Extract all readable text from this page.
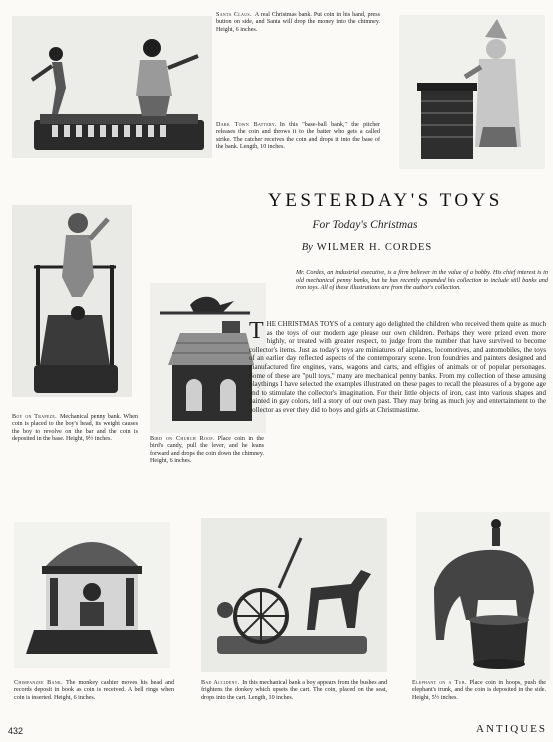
Santa Claus. A real Christmas bank. Put coin in his hand, press button on side, and Santa will drop the money into the chimney. Height, 6 inches.
Dark Town Battery. In this "base-ball bank," the pitcher releases the coin and throws it to the batter who gets a called strike. The catcher receives the coin and drops it into the base of the bank. Length, 10 inches.
Boy on Trapeze. Mechanical penny bank. When coin is placed to the boy's head, its weight causes the boy to revolve on the bar and the coin is deposited in the base. Height, 9½ inches.	Bird on Church Roof. Place coin in the bird's candy, pull the lever, and he leans forward and drops the coin down the chimney. Height, 6 inches.
Chimpanzee Bank. The monkey cashier moves his head and records deposit in book as coin is received. A bell rings when coin is inserted. Height, 6 inches.
Bad Accident. In this mechanical bank a boy appears from the bushes and frightens the donkey which upsets the cart. The coin, placed on the seat, drops into the cart. Length, 10 inches.
Elephant on a Tub. Place coin in hoops, push the elephant's trunk, and the coin is deposited in the side. Height, 5½ inches.
YESTERDAY'S TOYS
For Today's Christmas
By WILMER H. CORDES
Mr. Cordes, an industrial executive, is a firm believer in the value of a hobby. His chief interest is in old mechanical penny banks, but he has recently expanded his collection to include still banks and iron toys. All of these illustrations are from the author's collection.
THE CHRISTMAS TOYS of a century ago delighted the children who received them quite as much as the toys of our modern age please our own children. Perhaps they were prized even more highly, or treated with greater respect, to judge from the number that have survived to become collector's items. Just as today's toys are miniatures of airplanes, locomotives, and automobiles, the toys of an earlier day reflected aspects of the contemporary scene. Iron foundries and painters designed and manufactured fire engines, vans, wagons and carts, and effigies of animals or of popular personages. Some of these are "pull toys," many are mechanical penny banks. From my collection of these amusing playthings I have selected the examples illustrated on these pages to recall the pleasures of a bygone age and to stimulate the collector's imagination. For their little objects of iron, cast into various shapes and painted in gay colors, tell a story of our own past. They may bring as much joy and entertainment to the collector as ever they did to boys and girls at Christmastime.
432	ANTIQUES
